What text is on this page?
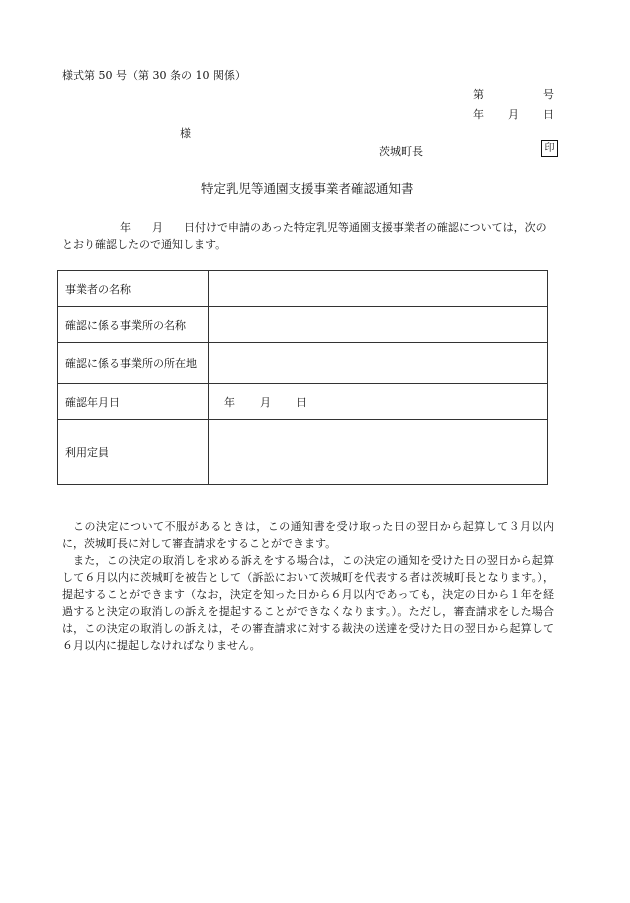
様式第 50 号（第 30 条の 10 関係）
第	号
年 月 日
様
茨城町長	印
特定乳児等通園支援事業者確認通知書

年 月 日付けで申請のあった特定乳児等通園支援事業者の確認については，次のとおり確認したので通知します。

事業者の名称	
確認に係る事業所の名称	
確認に係る事業所の所在地	
確認年月日	年 月 日
利用定員	

この決定について不服があるときは，この通知書を受け取った日の翌日から起算して３月以内に，茨城町長に対して審査請求をすることができます。

また，この決定の取消しを求める訴えをする場合は，この決定の通知を受けた日の翌日から起算して６月以内に茨城町を被告として（訴訟において茨城町を代表する者は茨城町長となります。），提起することができます（なお，決定を知った日から６月以内であっても，決定の日から１年を経過すると決定の取消しの訴えを提起することができなくなります。）。ただし，審査請求をした場合は，この決定の取消しの訴えは，その審査請求に対する裁決の送達を受けた日の翌日から起算して６月以内に提起しなければなりません。
